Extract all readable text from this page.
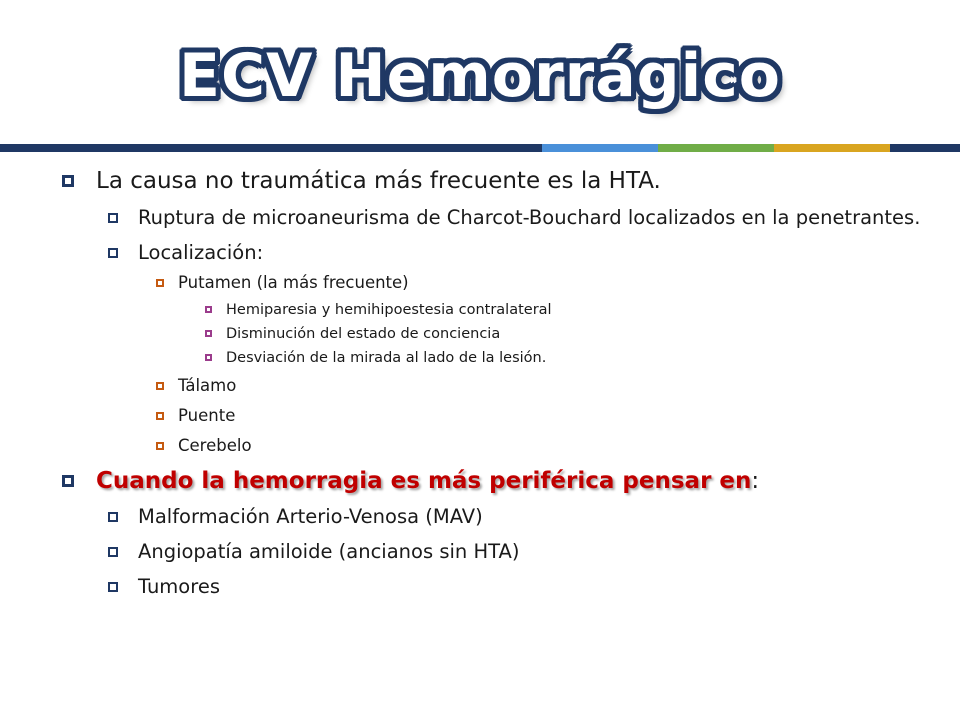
ECV Hemorrágico
La causa no traumática más frecuente es la HTA.
Ruptura de microaneurisma de Charcot-Bouchard localizados en la penetrantes.
Localización:
Putamen (la más frecuente)
Hemiparesia y hemihipoestesia contralateral
Disminución del estado de conciencia
Desviación de la mirada al lado de la lesión.
Tálamo
Puente
Cerebelo
Cuando la hemorragia es más periférica pensar en:
Malformación Arterio-Venosa (MAV)
Angiopatía amiloide (ancianos sin HTA)
Tumores
